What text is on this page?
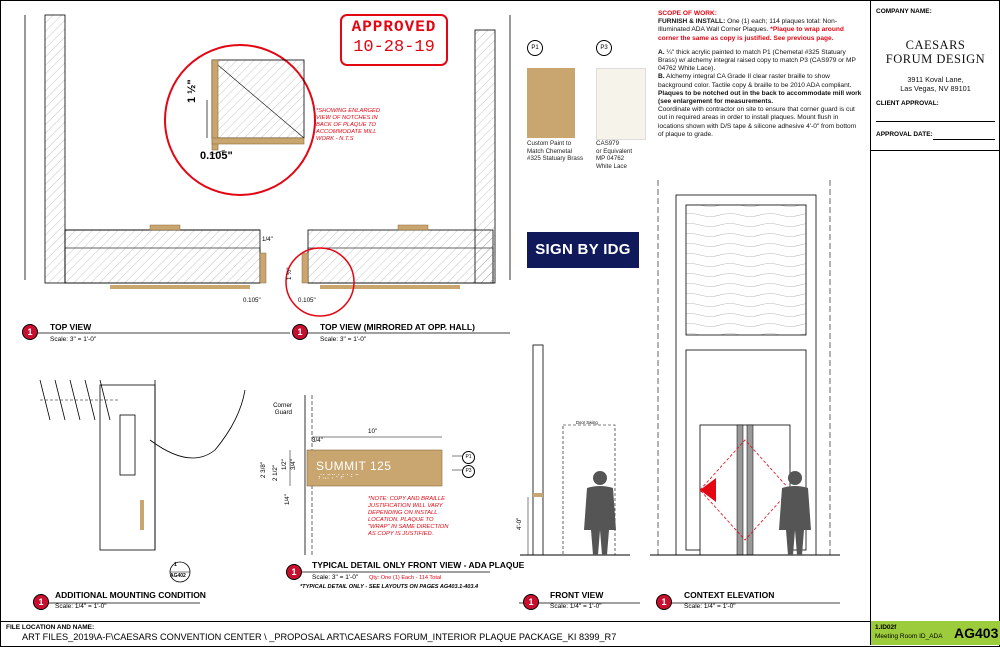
APPROVED
10-28-19
1 ½"
0.105"
*SHOWING ENLARGED VIEW OF NOTCHES IN BACK OF PLAQUE TO ACCOMMODATE MILL WORK - N.T.S
1/4"
0.105"
1 ½"
0.105"
P1
Custom Paint to
Match Chemetal
#325 Statuary Brass
P3
CAS979
or Equivalent
MP 04762
White Lace
SCOPE OF WORK:
FURNISH & INSTALL: One (1) each; 114 plaques total: Non-Illuminated ADA Wall Corner Plaques. *Plaque to wrap around corner the same as copy is justified. See previous page.
A. ¼" thick acrylic painted to match P1 (Chemetal #325 Statuary Brass) w/ alchemy integral raised copy to match P3 (CAS979 or MP 04762 White Lace).
B. Alchemy integral CA Grade II clear raster braille to show background color. Tactile copy & braille to be 2010 ADA compliant.
Plaques to be notched out in the back to accommodate mill work (see enlargement for measurements.
Coordinate with contractor on site to ensure that corner guard is cut out in required areas in order to install plaques. Mount flush in locations shown with D/S tape & silicone adhesive 4'-0" from bottom of plaque to grade.
SIGN BY IDG
SUMMIT 125
⠎⠥⠍⠍⠊⠞ ⠁⠃⠉
P1
P3
Corner Guard
10"
3/4"
2 3/8" 2 1/2"
1/2" 3/4"
1/4"	*NOTE: COPY AND BRAILLE JUSTIFICATION WILL VARY DEPENDING ON INSTALL LOCATION. PLAQUE TO "WRAP" IN SAME DIRECTION AS COPY IS JUSTIFIED.
Qty: One (1) Each - 114 Total
*TYPICAL DETAIL ONLY - SEE LAYOUTS ON PAGES AG403.1-403.4
1
AG402
4'-0"
Door Swing
1	TOP VIEW
Scale: 3" = 1'-0"
1	TOP VIEW (MIRRORED AT OPP. HALL)
Scale: 3" = 1'-0"
1
ADDITIONAL MOUNTING CONDITION
Scale: 1/4" = 1'-0"
1
TYPICAL DETAIL ONLY FRONT VIEW - ADA PLAQUE
Scale: 3" = 1'-0"
1
FRONT VIEW
Scale: 1/4" = 1'-0"	1
CONTEXT ELEVATION
Scale: 1/4" = 1'-0"
COMPANY NAME:
CAESARS
FORUM DESIGN
3911 Koval Lane,
Las Vegas, NV 89101
CLIENT APPROVAL:
APPROVAL DATE:
FILE LOCATION AND NAME:
ART FILES_2019\A-F\CAESARS CONVENTION CENTER \ _PROPOSAL ART\CAESARS FORUM_INTERIOR PLAQUE PACKAGE_KI 8399_R7
1.ID02f
Meeting Room ID_ADA AG403
